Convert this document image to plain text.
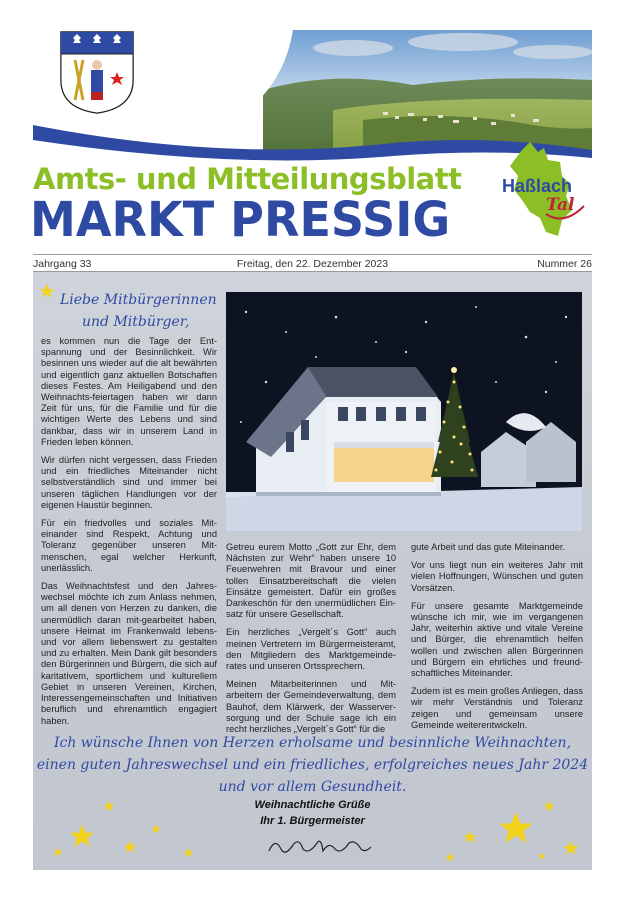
Amts- und Mitteilungsblatt
MARKT PRESSIG
Haßlach
Tal
Jahrgang 33	Freitag, den 22. Dezember 2023	Nummer 26
Liebe Mitbürgerinnen
und Mitbürger,

es kommen nun die Tage der Ent-spannung und der Besinnlichkeit. Wir besinnen uns wieder auf die alt bewährten und eigentlich ganz aktuellen Botschaften dieses Festes. Am Heiligabend und den Weihnachts-feiertagen haben wir dann Zeit für uns, für die Familie und für die wichtigen Werte des Lebens und sind dankbar, dass wir in unserem Land in Frieden leben können.

Wir dürfen nicht vergessen, dass Frieden und ein friedliches Miteinander nicht selbstverständlich sind und immer bei unseren täglichen Handlungen vor der eigenen Haustür beginnen.

Für ein friedvolles und soziales Mit-einander sind Respekt, Achtung und Toleranz gegenüber unseren Mit-menschen, egal welcher Herkunft, unerlässlich.

Das Weihnachtsfest und den Jahres-wechsel möchte ich zum Anlass nehmen, um all denen von Herzen zu danken, die unermüdlich daran mit-gearbeitet haben, unsere Heimat im Frankenwald lebens- und vor allem liebenswert zu gestalten und zu erhalten. Mein Dank gilt besonders den Bürgerinnen und Bürgern, die sich auf karitativem, sportlichem und kulturellem Gebiet in unseren Vereinen, Kirchen, Interessengemeinschaften und Initiativen beruflich und ehrenamtlich engagiert haben.

Getreu eurem Motto „Gott zur Ehr, dem Nächsten zur Wehr“ haben unsere 10 Feuerwehren mit Bravour und einer tollen Einsatzbereitschaft die vielen Einsätze gemeistert. Dafür ein großes Dankeschön für den unermüdlichen Ein-satz für unsere Gesellschaft.

Ein herzliches „Vergelt´s Gott“ auch meinen Vertretern im Bürgermeisteramt, den Mitgliedern des Marktgemeinde-rates und unseren Ortssprechern.

Meinen Mitarbeiterinnen und Mit-arbeitern der Gemeindeverwaltung, dem Bauhof, dem Klärwerk, der Wasserver-sorgung und der Schule sage ich ein recht herzliches „Vergelt´s Gott“ für die

gute Arbeit und das gute Miteinander.

Vor uns liegt nun ein weiteres Jahr mit vielen Hoffnungen, Wünschen und guten Vorsätzen.

Für unsere gesamte Marktgemeinde wünsche ich mir, wie im vergangenen Jahr, weiterhin aktive und vitale Vereine und Bürger, die ehrenamtlich helfen wollen und zwischen allen Bürgerinnen und Bürgern ein ehrliches und freund-schaftliches Miteinander.

Zudem ist es mein großes Anliegen, dass wir mehr Verständnis und Toleranz zeigen und gemeinsam unsere Gemeinde weiterentwickeln.

Ich wünsche Ihnen von Herzen erholsame und besinnliche Weihnachten,
einen guten Jahreswechsel und ein friedliches, erfolgreiches neues Jahr 2024
und vor allem Gesundheit.
Weihnachtliche Grüße
Ihr 1. Bürgermeister
